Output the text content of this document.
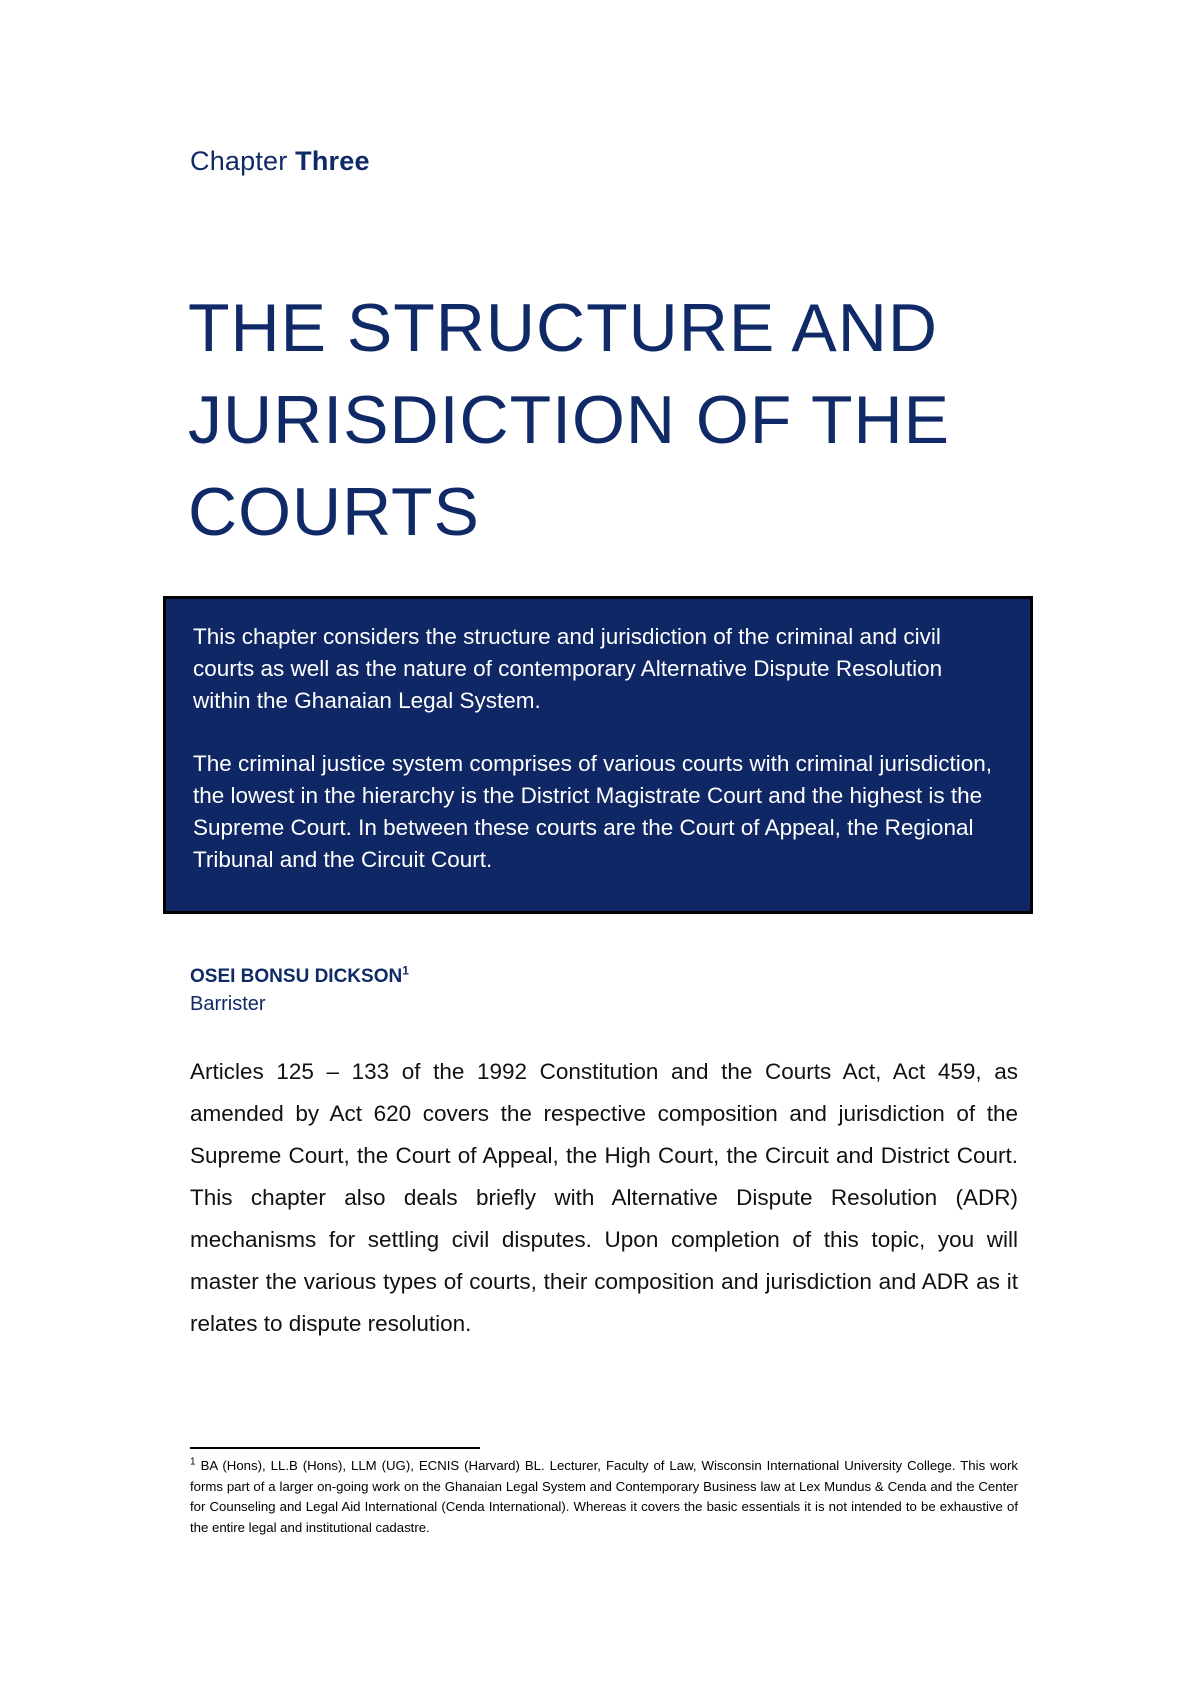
Chapter Three
THE STRUCTURE AND
JURISDICTION OF THE
COURTS

This chapter considers the structure and jurisdiction of the criminal and civil courts as well as the nature of contemporary Alternative Dispute Resolution within the Ghanaian Legal System.

The criminal justice system comprises of various courts with criminal jurisdiction, the lowest in the hierarchy is the District Magistrate Court and the highest is the Supreme Court. In between these courts are the Court of Appeal, the Regional Tribunal and the Circuit Court.

OSEI BONSU DICKSON$^1$
Barrister

Articles 125 – 133 of the 1992 Constitution and the Courts Act, Act 459, as amended by Act 620 covers the respective composition and jurisdiction of the Supreme Court, the Court of Appeal, the High Court, the Circuit and District Court. This chapter also deals briefly with Alternative Dispute Resolution (ADR) mechanisms for settling civil disputes. Upon completion of this topic, you will master the various types of courts, their composition and jurisdiction and ADR as it relates to dispute resolution.

$^1$ BA (Hons), LL.B (Hons), LLM (UG), ECNIS (Harvard) BL. Lecturer, Faculty of Law, Wisconsin International University College. This work forms part of a larger on-going work on the Ghanaian Legal System and Contemporary Business law at Lex Mundus & Cenda and the Center for Counseling and Legal Aid International (Cenda International). Whereas it covers the basic essentials it is not intended to be exhaustive of the entire legal and institutional cadastre.
